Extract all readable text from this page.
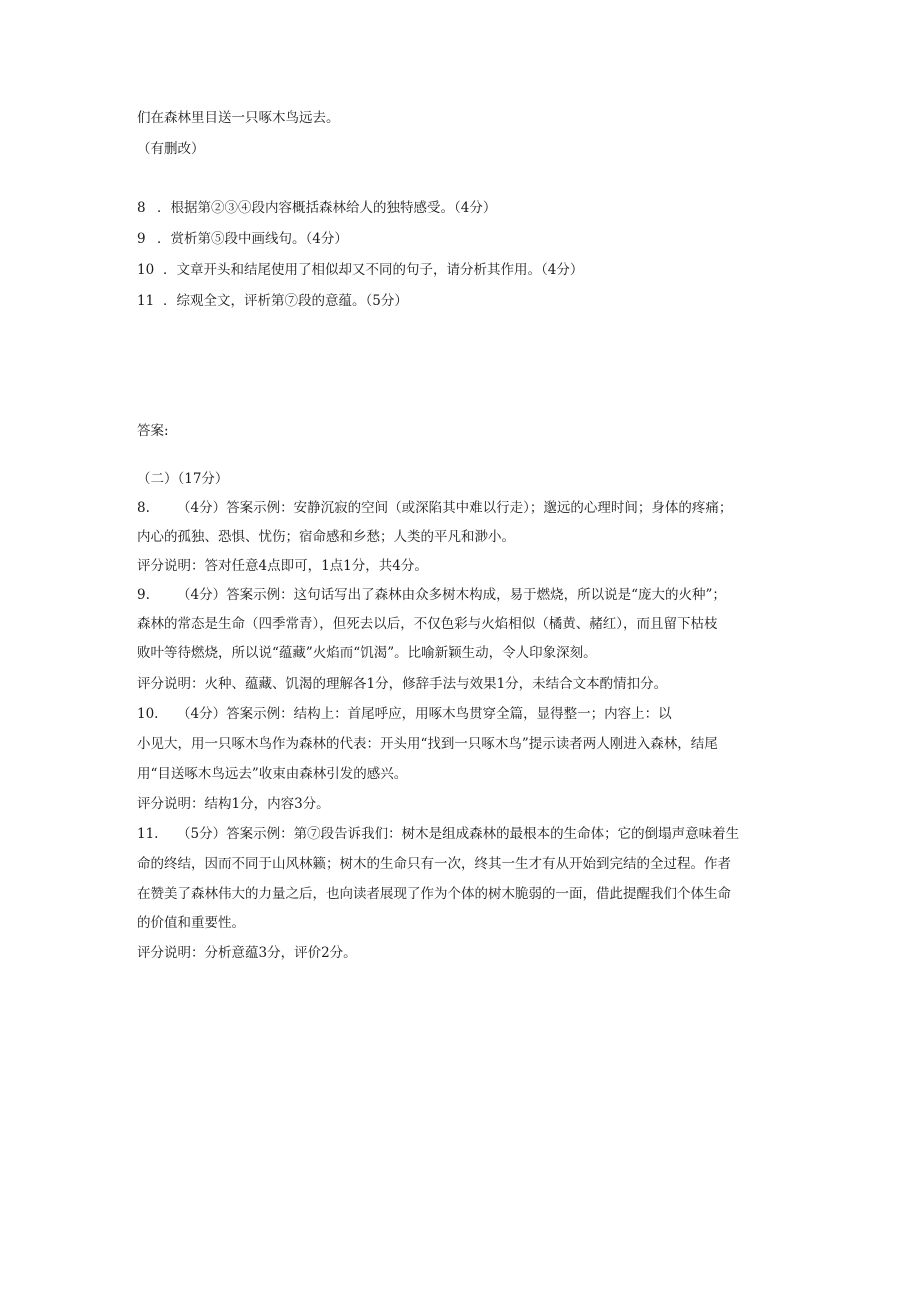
们在森林里目送一只啄木鸟远去。
（有删改）
8 ．根据第②③④段内容概括森林给人的独特感受。（4分）
9 ．赏析第⑤段中画线句。（4分）
10 ．文章开头和结尾使用了相似却又不同的句子，请分析其作用。（4分）
11 ．综观全文，评析第⑦段的意蕴。（5分）
答案:
（二）（17分）
8. （4分）答案示例：安静沉寂的空间（或深陷其中难以行走）；邈远的心理时间；身体的疼痛；
内心的孤独、恐惧、忧伤；宿命感和乡愁；人类的平凡和渺小。
评分说明：答对任意4点即可，1点1分，共4分。
9. （4分）答案示例：这句话写出了森林由众多树木构成，易于燃烧，所以说是“庞大的火种”；
森林的常态是生命（四季常青），但死去以后，不仅色彩与火焰相似（橘黄、赭红），而且留下枯枝
败叶等待燃烧，所以说“蕴藏”火焰而“饥渴”。比喻新颖生动，令人印象深刻。
评分说明：火种、蕴藏、饥渴的理解各1分，修辞手法与效果1分，未结合文本酌情扣分。
10. （4分）答案示例：结构上：首尾呼应，用啄木鸟贯穿全篇，显得整一；内容上：以
小见大，用一只啄木鸟作为森林的代表：开头用“找到一只啄木鸟”提示读者两人刚进入森林，结尾
用“目送啄木鸟远去”收束由森林引发的感兴。
评分说明：结构1分，内容3分。
11. （5分）答案示例：第⑦段告诉我们：树木是组成森林的最根本的生命体；它的倒塌声意味着生
命的终结，因而不同于山风林籁；树木的生命只有一次，终其一生才有从开始到完结的全过程。作者
在赞美了森林伟大的力量之后，也向读者展现了作为个体的树木脆弱的一面，借此提醒我们个体生命
的价值和重要性。
评分说明：分析意蕴3分，评价2分。
